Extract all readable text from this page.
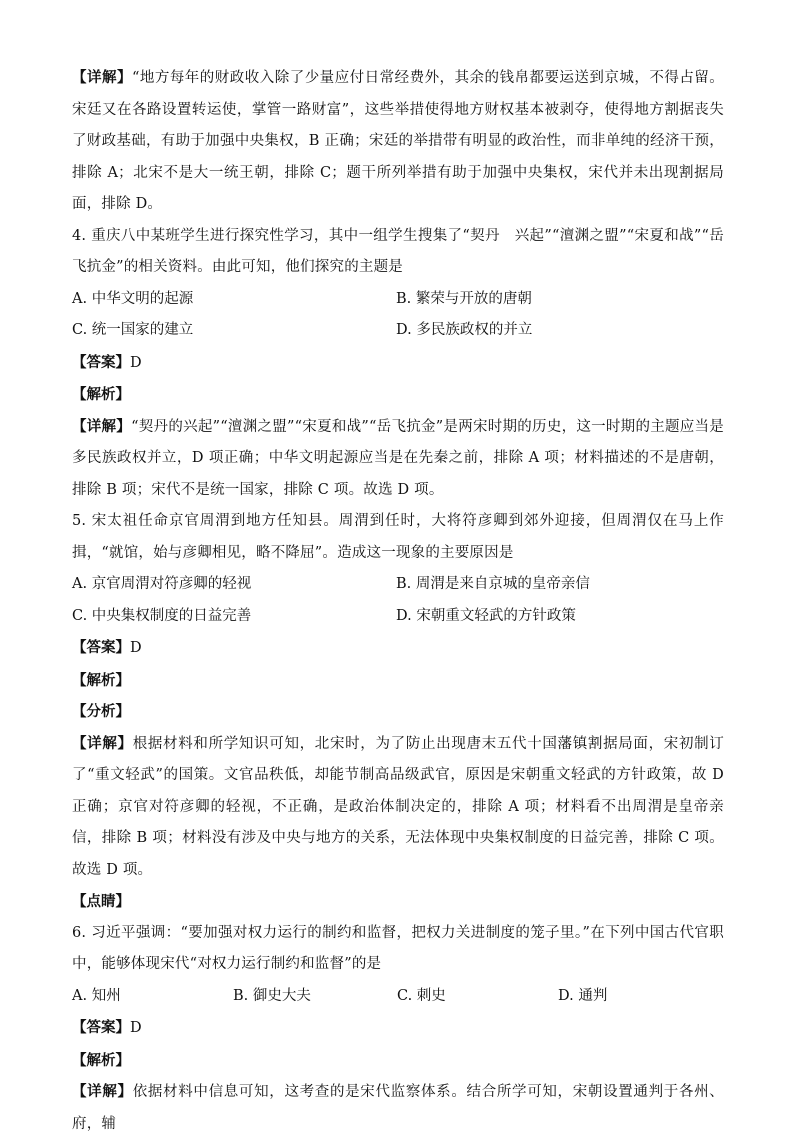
【详解】“地方每年的财政收入除了少量应付日常经费外，其余的钱帛都要运送到京城，不得占留。宋廷又在各路设置转运使，掌管一路财富”，这些举措使得地方财权基本被剥夺，使得地方割据丧失了财政基础，有助于加强中央集权，B 正确；宋廷的举措带有明显的政治性，而非单纯的经济干预，排除 A；北宋不是大一统王朝，排除 C；题干所列举措有助于加强中央集权，宋代并未出现割据局面，排除 D。

4. 重庆八中某班学生进行探究性学习，其中一组学生搜集了“契丹　兴起”“澶渊之盟”“宋夏和战”“岳飞抗金”的相关资料。由此可知，他们探究的主题是

A. 中华文明的起源	B. 繁荣与开放的唐朝
C. 统一国家的建立	D. 多民族政权的并立

【答案】D

【解析】

【详解】“契丹的兴起”“澶渊之盟”“宋夏和战”“岳飞抗金”是两宋时期的历史，这一时期的主题应当是多民族政权并立，D 项正确；中华文明起源应当是在先秦之前，排除 A 项；材料描述的不是唐朝，排除 B 项；宋代不是统一国家，排除 C 项。故选 D 项。

5. 宋太祖任命京官周渭到地方任知县。周渭到任时，大将符彦卿到郊外迎接，但周渭仅在马上作揖，“就馆，始与彦卿相见，略不降屈”。造成这一现象的主要原因是

A. 京官周渭对符彦卿的轻视	B. 周渭是来自京城的皇帝亲信
C. 中央集权制度的日益完善	D. 宋朝重文轻武的方针政策

【答案】D

【解析】

【分析】

【详解】根据材料和所学知识可知，北宋时，为了防止出现唐末五代十国藩镇割据局面，宋初制订了“重文轻武”的国策。文官品秩低，却能节制高品级武官，原因是宋朝重文轻武的方针政策，故 D 正确；京官对符彦卿的轻视，不正确，是政治体制决定的，排除 A 项；材料看不出周渭是皇帝亲信，排除 B 项；材料没有涉及中央与地方的关系，无法体现中央集权制度的日益完善，排除 C 项。故选 D 项。

【点睛】

6. 习近平强调：“要加强对权力运行的制约和监督，把权力关进制度的笼子里。”在下列中国古代官职中，能够体现宋代“对权力运行制约和监督”的是

A. 知州	B. 御史大夫	C. 刺史	D. 通判

【答案】D

【解析】

【详解】依据材料中信息可知，这考查的是宋代监察体系。结合所学可知，宋朝设置通判于各州、府，辅
